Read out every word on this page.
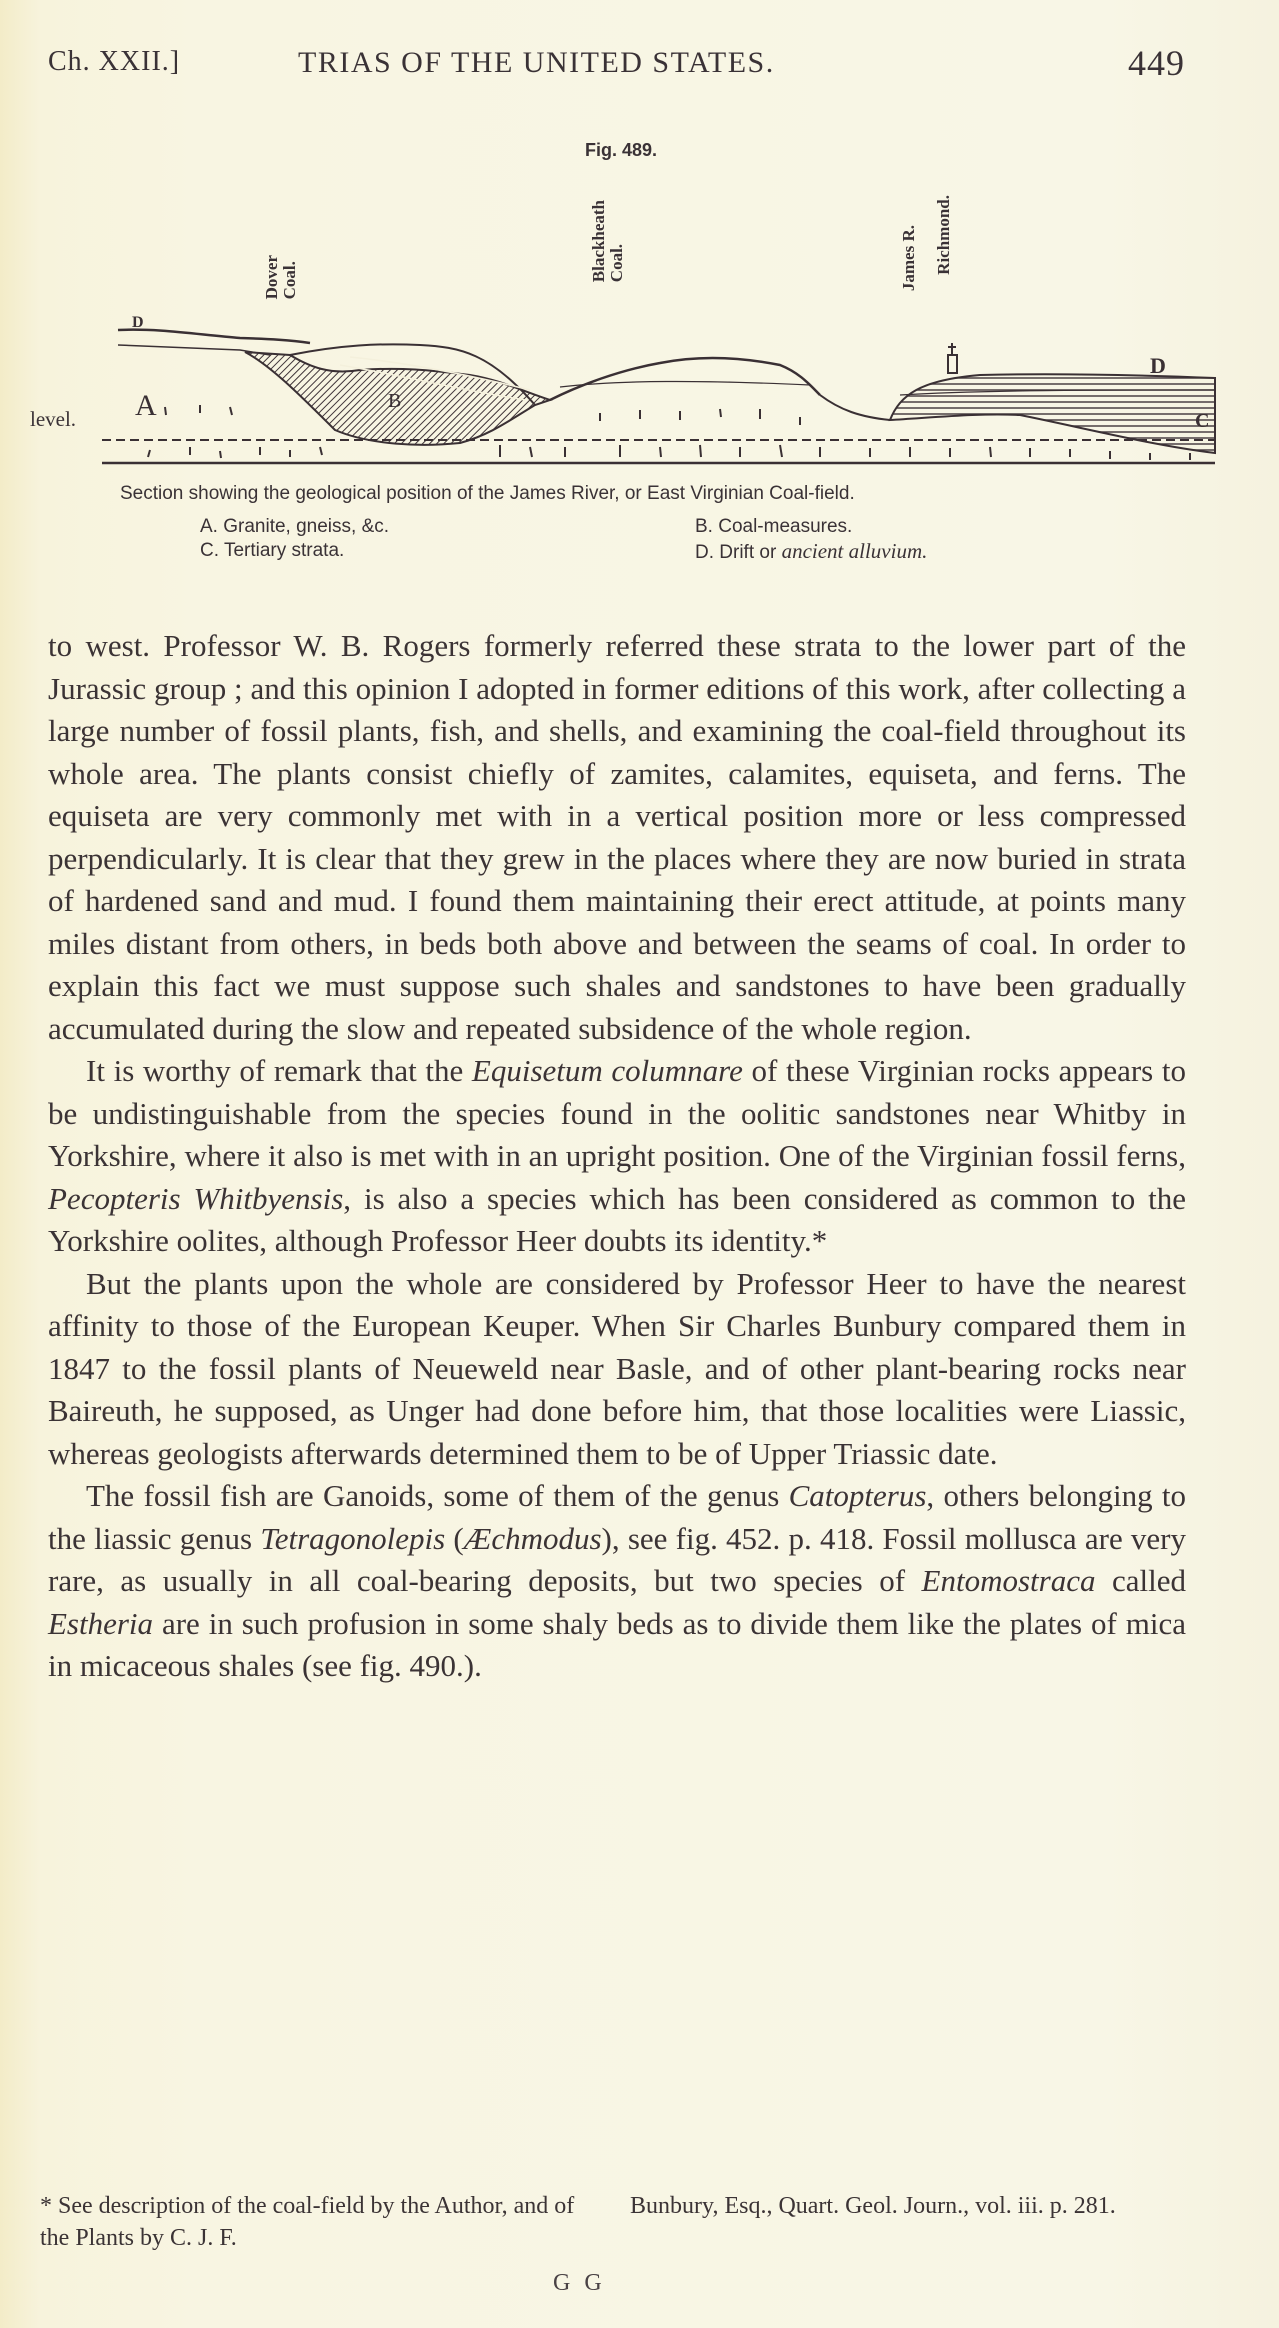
Ch. XXII.]	TRIAS OF THE UNITED STATES.	449
Fig. 489.
Dover
Coal.	Blackheath
Coal.	James R. Richmond.
B
A
D
D
C
level.
Section showing the geological position of the James River, or East Virginian Coal-field.
A. Granite, gneiss, &c.	B. Coal-measures.
C. Tertiary strata.	D. Drift or ancient alluvium.

to west. Professor W. B. Rogers formerly referred these strata to the lower part of the Jurassic group ; and this opinion I adopted in former editions of this work, after collecting a large number of fossil plants, fish, and shells, and examining the coal-field throughout its whole area. The plants consist chiefly of zamites, calamites, equiseta, and ferns. The equiseta are very commonly met with in a vertical position more or less compressed perpendicularly. It is clear that they grew in the places where they are now buried in strata of hardened sand and mud. I found them maintaining their erect attitude, at points many miles distant from others, in beds both above and between the seams of coal. In order to explain this fact we must suppose such shales and sandstones to have been gradually accumulated during the slow and repeated subsidence of the whole region.

It is worthy of remark that the Equisetum columnare of these Virginian rocks appears to be undistinguishable from the species found in the oolitic sandstones near Whitby in Yorkshire, where it also is met with in an upright position. One of the Virginian fossil ferns, Pecopteris Whitbyensis, is also a species which has been considered as common to the Yorkshire oolites, although Professor Heer doubts its identity.*

But the plants upon the whole are considered by Professor Heer to have the nearest affinity to those of the European Keuper. When Sir Charles Bunbury compared them in 1847 to the fossil plants of Neueweld near Basle, and of other plant-bearing rocks near Baireuth, he supposed, as Unger had done before him, that those localities were Liassic, whereas geologists afterwards determined them to be of Upper Triassic date.

The fossil fish are Ganoids, some of them of the genus Catopterus, others belonging to the liassic genus Tetragonolepis (Æchmodus), see fig. 452. p. 418. Fossil mollusca are very rare, as usually in all coal-bearing deposits, but two species of Entomostraca called Estheria are in such profusion in some shaly beds as to divide them like the plates of mica in micaceous shales (see fig. 490.).

* See description of the coal-field by the Author, and of the Plants by C. J. F.
Bunbury, Esq., Quart. Geol. Journ., vol. iii. p. 281.
G G
